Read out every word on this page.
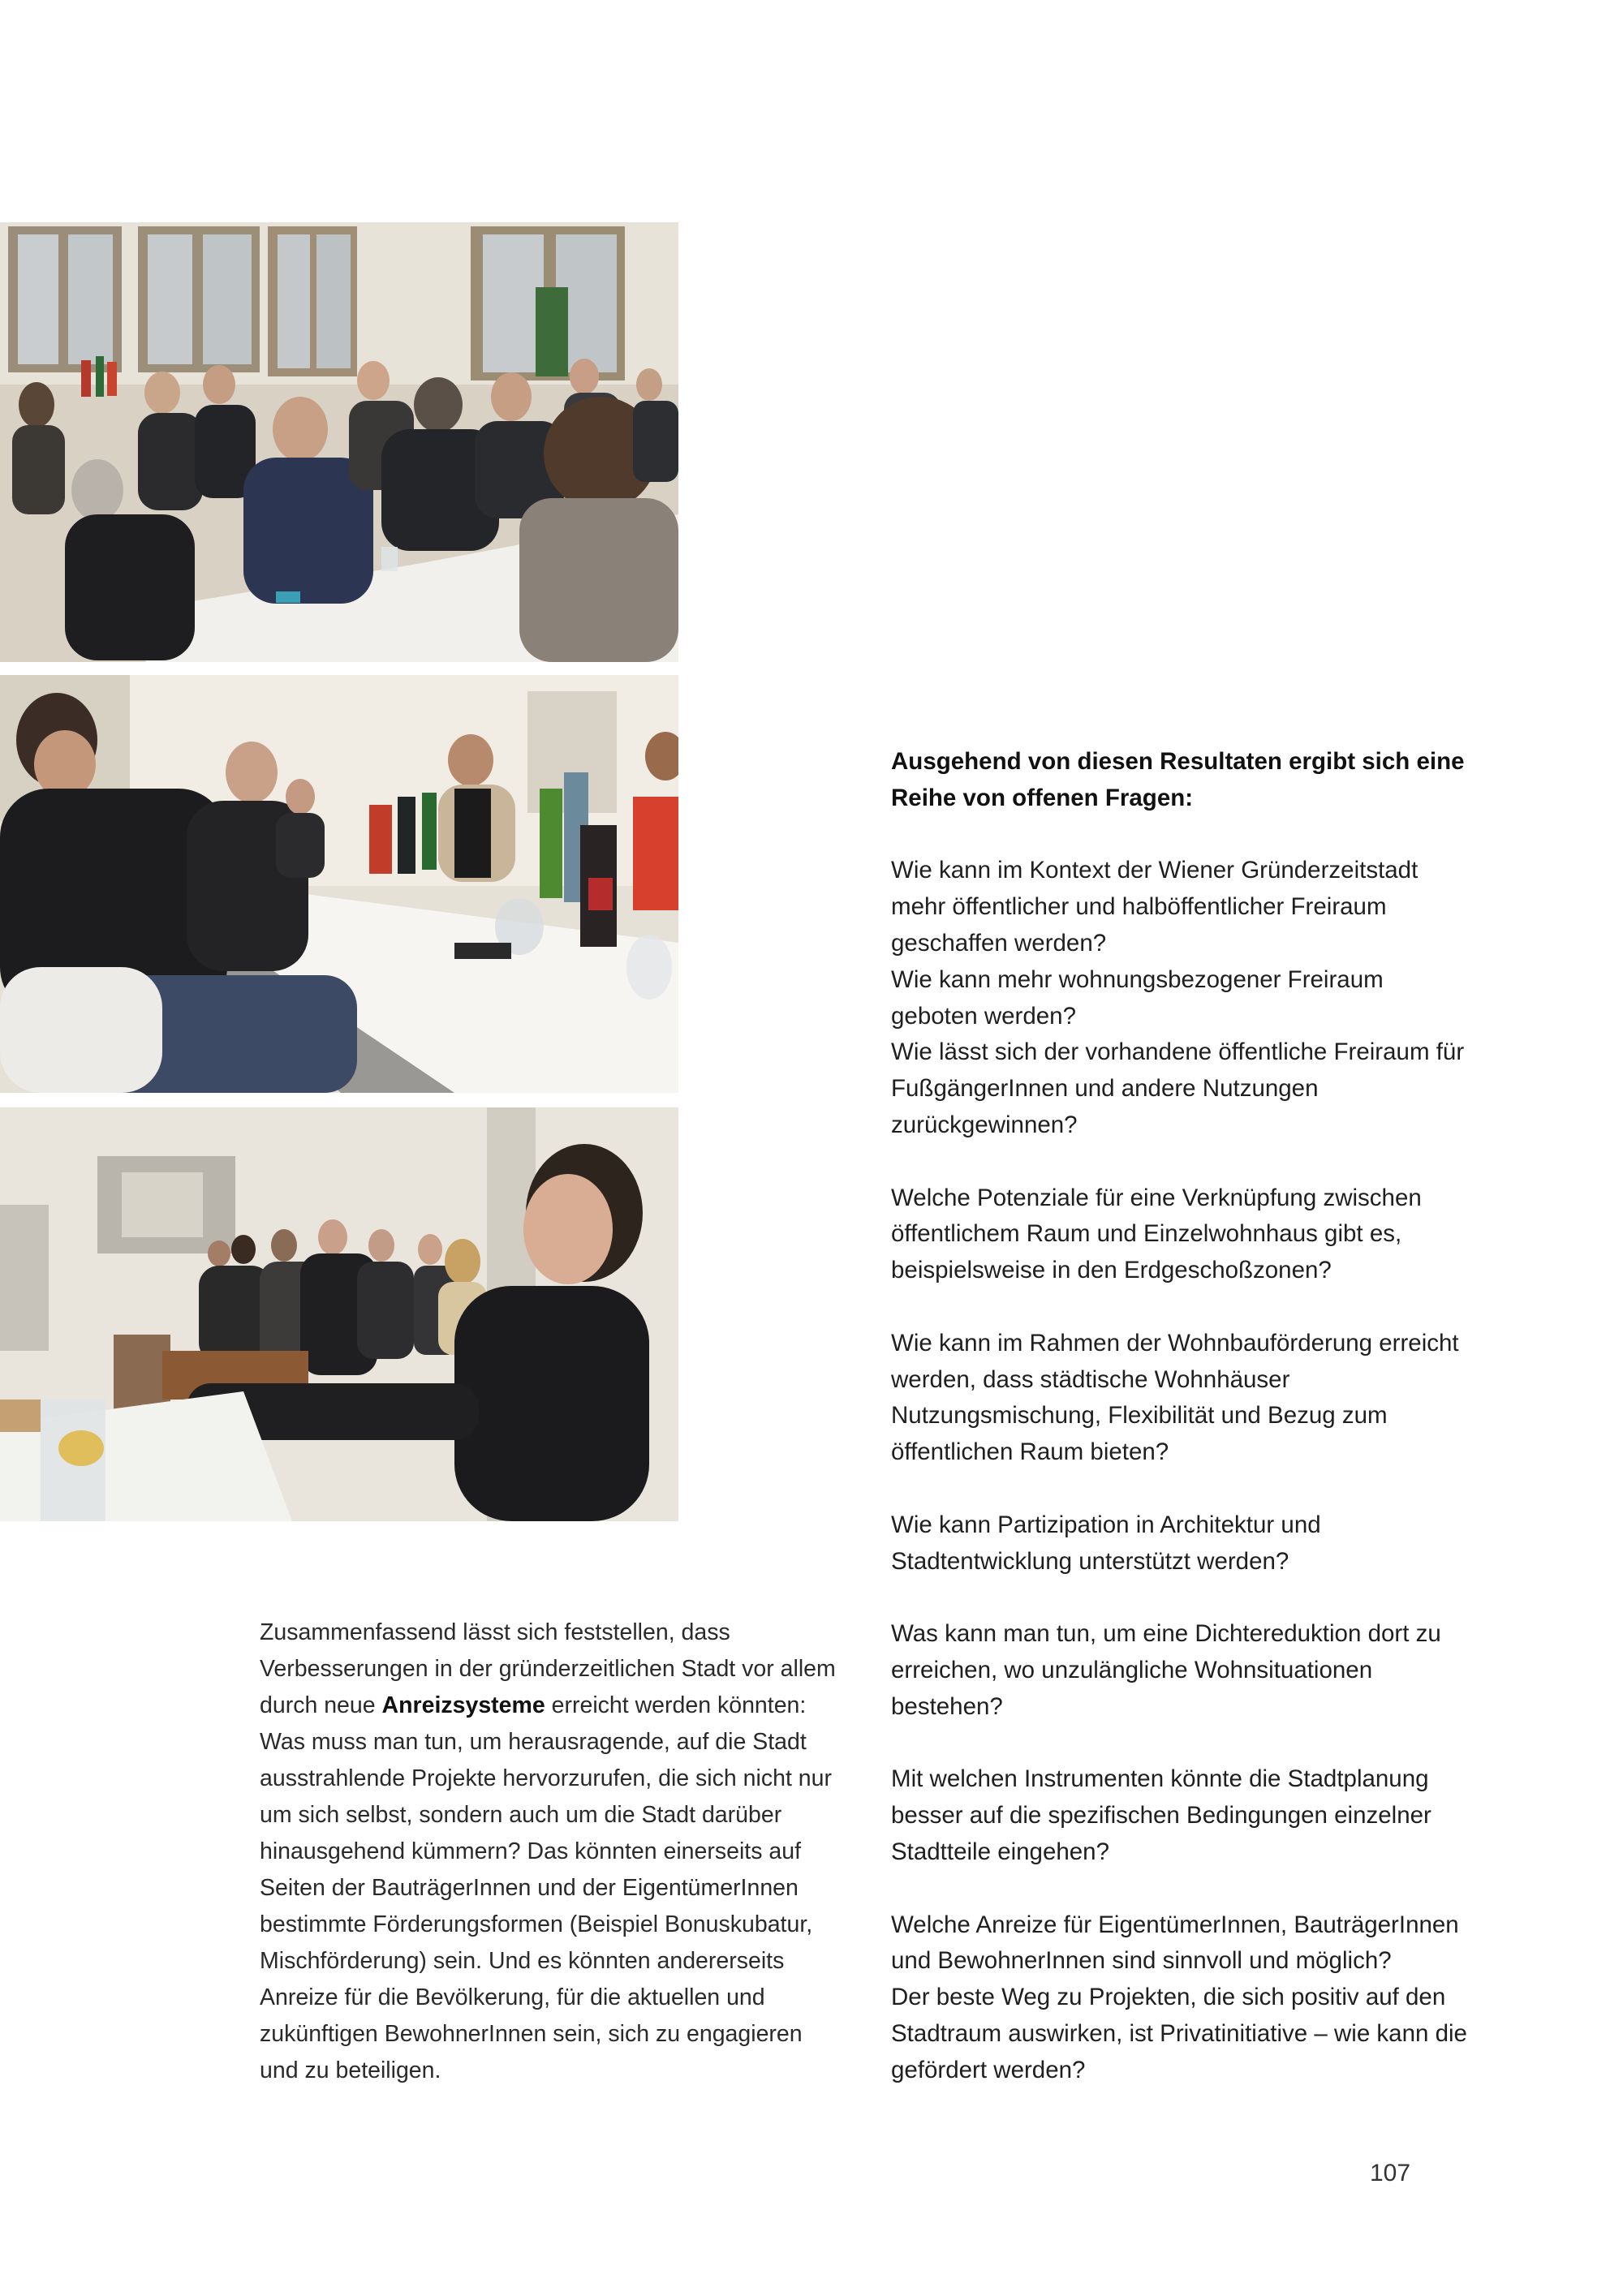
Zusammenfassend lässt sich feststellen, dass Verbesserungen in der gründerzeitlichen Stadt vor allem durch neue Anreizsysteme erreicht werden könnten: Was muss man tun, um herausragende, auf die Stadt ausstrahlende Projekte hervorzurufen, die sich nicht nur um sich selbst, sondern auch um die Stadt darüber hinausgehend kümmern? Das könnten einerseits auf Seiten der BauträgerInnen und der EigentümerInnen bestimmte Förderungsformen (Beispiel Bonuskubatur, Mischförderung) sein. Und es könnten andererseits Anreize für die Bevölkerung, für die aktuellen und zukünftigen BewohnerInnen sein, sich zu engagieren und zu beteiligen.

Ausgehend von diesen Resultaten ergibt sich eine Reihe von offenen Fragen:

Wie kann im Kontext der Wiener Gründerzeitstadt mehr öffentlicher und halböffentlicher Freiraum geschaffen werden?
Wie kann mehr wohnungsbezogener Freiraum geboten werden?
Wie lässt sich der vorhandene öffentliche Freiraum für FußgängerInnen und andere Nutzungen zurückgewinnen?

Welche Potenziale für eine Verknüpfung zwischen öffentlichem Raum und Einzelwohnhaus gibt es, beispielsweise in den Erdgeschoßzonen?

Wie kann im Rahmen der Wohnbauförderung erreicht werden, dass städtische Wohnhäuser Nutzungsmischung, Flexibilität und Bezug zum öffentlichen Raum bieten?

Wie kann Partizipation in Architektur und Stadtentwicklung unterstützt werden?

Was kann man tun, um eine Dichtereduktion dort zu erreichen, wo unzulängliche Wohnsituationen bestehen?

Mit welchen Instrumenten könnte die Stadtplanung besser auf die spezifischen Bedingungen einzelner Stadtteile eingehen?

Welche Anreize für EigentümerInnen, BauträgerInnen und BewohnerInnen sind sinnvoll und möglich?
Der beste Weg zu Projekten, die sich positiv auf den Stadtraum auswirken, ist Privatinitiative – wie kann die gefördert werden?

107
